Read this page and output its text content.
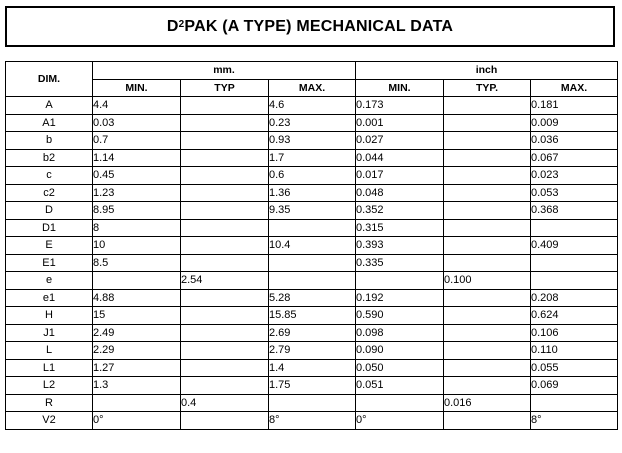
$D^2$ PAK (A TYPE) MECHANICAL DATA
DIM.	mm.			inch		
	MIN.	TYP	MAX.	MIN.	TYP.	MAX.
A	4.4		4.6	0.173		0.181
A1	0.03		0.23	0.001		0.009
b	0.7		0.93	0.027		0.036
b2	1.14		1.7	0.044		0.067
c	0.45		0.6	0.017		0.023
c2	1.23		1.36	0.048		0.053
D	8.95		9.35	0.352		0.368
D1	8			0.315		
E	10		10.4	0.393		0.409
E1	8.5			0.335		
e		2.54			0.100	
e1	4.88		5.28	0.192		0.208
H	15		15.85	0.590		0.624
J1	2.49		2.69	0.098		0.106
L	2.29		2.79	0.090		0.110
L1	1.27		1.4	0.050		0.055
L2	1.3		1.75	0.051		0.069
R		0.4			0.016	
V2	0°		8°	0°		8°
